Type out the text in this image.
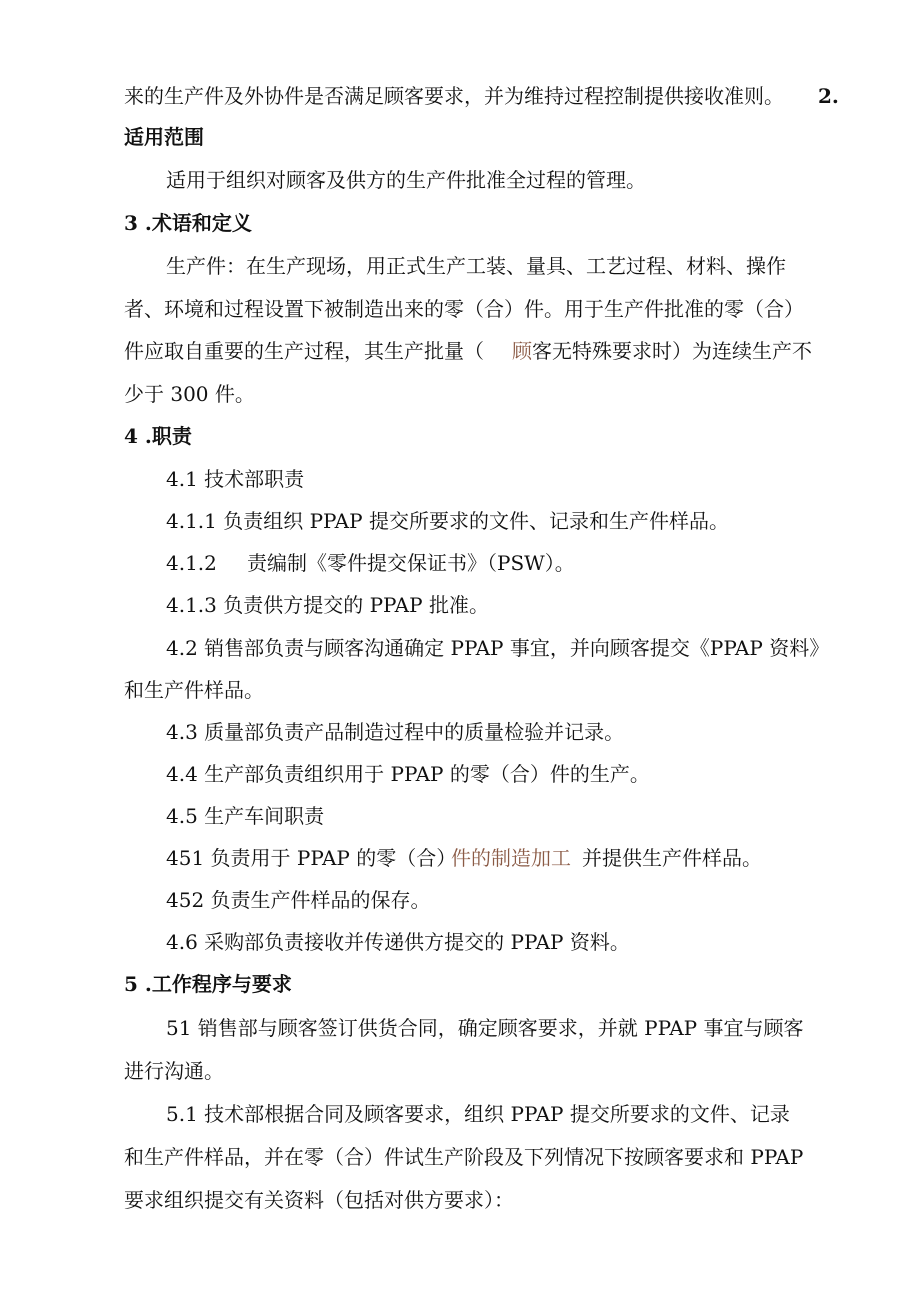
来的生产件及外协件是否满足顾客要求，并为维持过程控制提供接收准则。 2.
适用范围
适用于组织对顾客及供方的生产件批准全过程的管理。
3 .术语和定义
生产件：在生产现场，用正式生产工装、量具、工艺过程、材料、操作
者、环境和过程设置下被制造出来的零（合）件。用于生产件批准的零（合）
件应取自重要的生产过程，其生产批量（ 顾 客无特殊要求时）为连续生产不
少于 300 件。
4 .职责
4.1 技术部职责
4.1.1 负责组织 PPAP 提交所要求的文件、记录和生产件样品。
4.1.2 责编制《零件提交保证书》（PSW）。
4.1.3 负责供方提交的 PPAP 批准。
4.2 销售部负责与顾客沟通确定 PPAP 事宜，并向顾客提交《PPAP 资料》
和生产件样品。
4.3 质量部负责产品制造过程中的质量检验并记录。
4.4 生产部负责组织用于 PPAP 的零（合）件的生产。
4.5 生产车间职责
451 负责用于 PPAP 的零（合）
件的制造加工 并提供生产件样品。
452 负责生产件样品的保存。
4.6 采购部负责接收并传递供方提交的 PPAP 资料。
5 .工作程序与要求
51 销售部与顾客签订供货合同，确定顾客要求，并就 PPAP 事宜与顾客
进行沟通。
5.1 技术部根据合同及顾客要求，组织 PPAP 提交所要求的文件、记录
和生产件样品，并在零（合）件试生产阶段及下列情况下按顾客要求和 PPAP
要求组织提交有关资料（包括对供方要求）：
